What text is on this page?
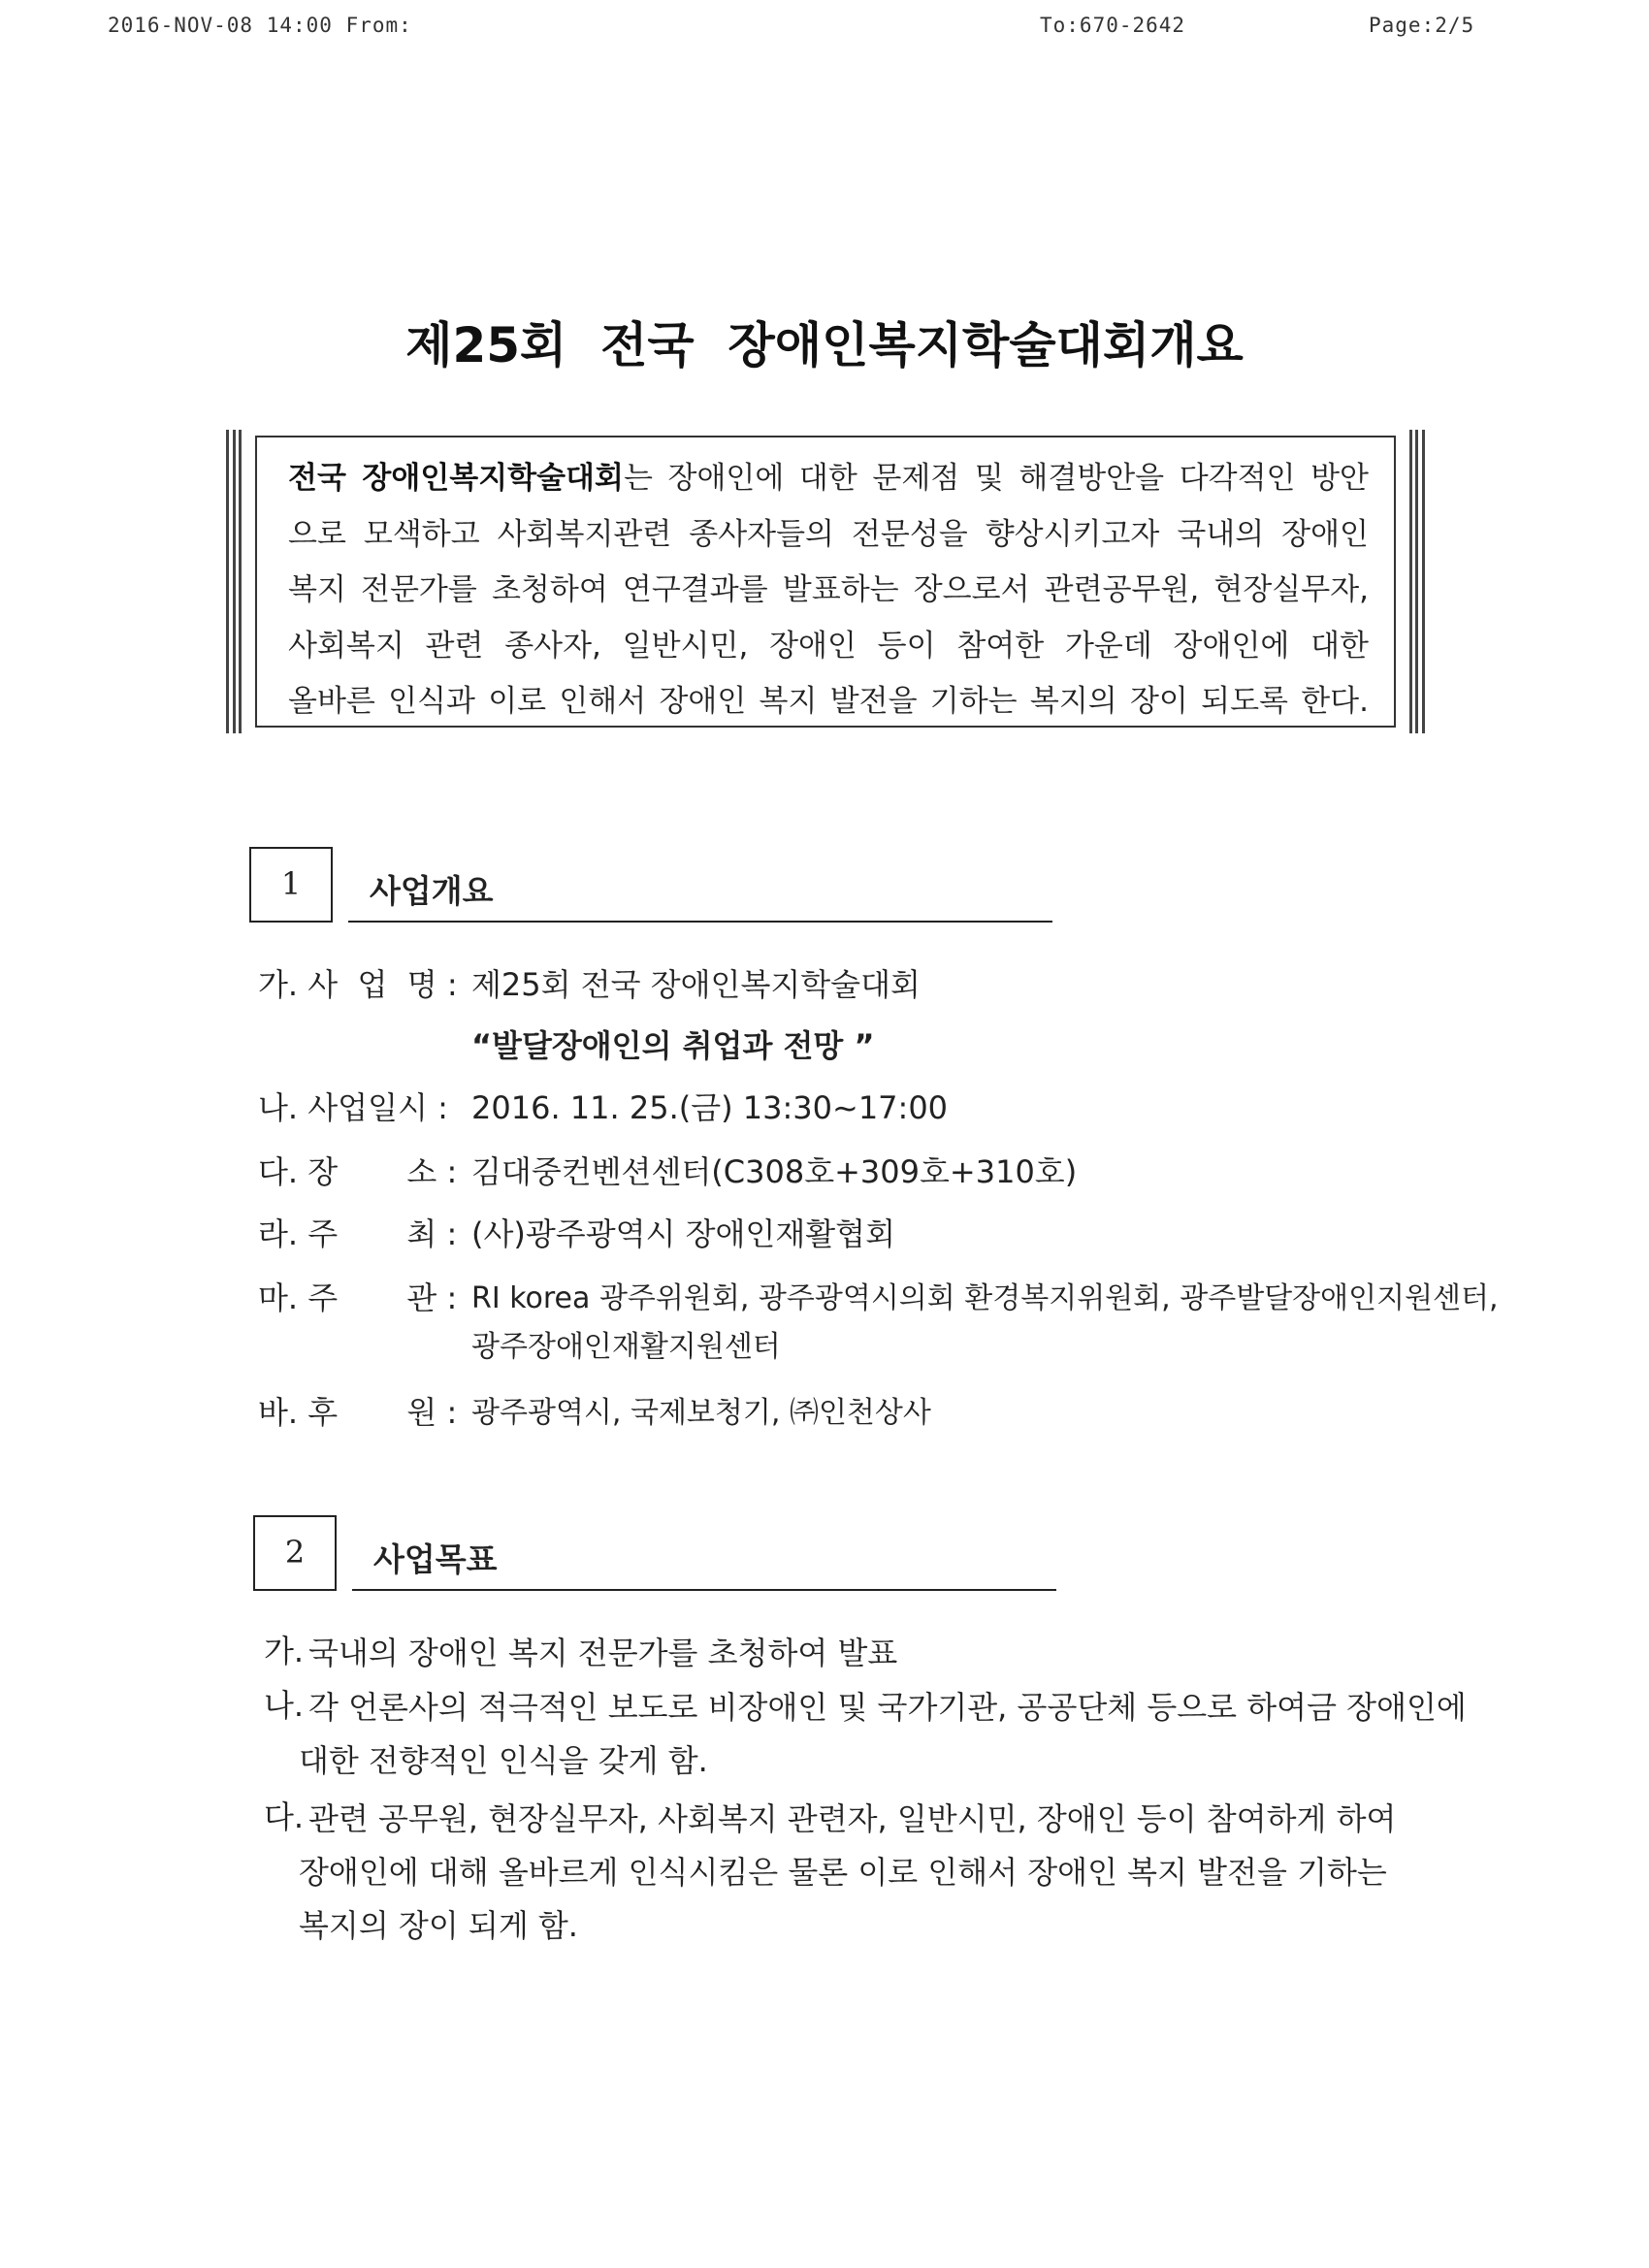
2016-NOV-08 14:00 From:	To:670-2642	Page:2/5
제25회  전국  장애인복지학술대회개요
전국 장애인복지학술대회는 장애인에 대한 문제점 및 해결방안을 다각적인 방안
으로 모색하고 사회복지관련 종사자들의 전문성을 향상시키고자 국내의 장애인
복지 전문가를 초청하여 연구결과를 발표하는 장으로서 관련공무원, 현장실무자,
사회복지 관련 종사자, 일반시민, 장애인 등이 참여한 가운데 장애인에 대한
올바른 인식과 이로 인해서 장애인 복지 발전을 기하는 복지의 장이 되도록 한다.
1	사업개요
가. 사  업  명 : 제25회 전국 장애인복지학술대회
“발달장애인의 취업과 전망 ”
나. 사업일시 : 2016. 11. 25.(금) 13:30~17:00
다. 장       소 : 김대중컨벤션센터(C308호+309호+310호)
라. 주       최 : (사)광주광역시 장애인재활협회
마. 주       관 : RI korea 광주위원회, 광주광역시의회 환경복지위원회, 광주발달장애인지원센터,
광주장애인재활지원센터
바. 후       원 : 광주광역시, 국제보청기, ㈜인천상사
2	사업목표
가. 국내의 장애인 복지 전문가를 초청하여 발표
나. 각 언론사의 적극적인 보도로 비장애인 및 국가기관, 공공단체 등으로 하여금 장애인에
대한 전향적인 인식을 갖게 함.
다. 관련 공무원, 현장실무자, 사회복지 관련자, 일반시민, 장애인 등이 참여하게 하여
장애인에 대해 올바르게 인식시킴은 물론 이로 인해서 장애인 복지 발전을 기하는
복지의 장이 되게 함.
